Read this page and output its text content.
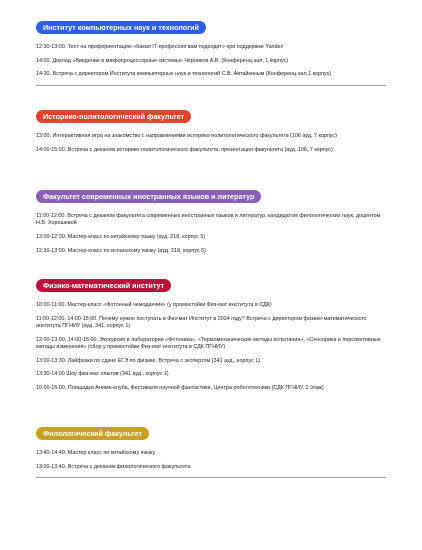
Институт компьютерных наук и технологий
12:30-13:00. Тест на профориентацию «Какая IT-профессия вам подходит» при поддержке Yandex
14:00. Доклад «Введение в микропроцессорные системы» Черников А.В. (Конференц-зал, 1 корпус)
14:30. Встреча с директором Института компьютерных наук и технологий С.В. Автайкиным (Конференц-зал,1 корпус)
Историко-политологический факультет
13:00. Интерактивная игра на знакомство с направлениями историко-политологического факультета (106 ауд, 7 корпус)
14:00-15:00. Встреча с деканом историко-политологического факультета, презентация факультета (ауд. 106, 7 корпус)
Факультет современных иностранных языков и литератур
11:00-12:00. Встреча с деканом факультета современных иностранных языков и литератур, кандидатом филологических наук, доцентом Н.В. Хорошевой
12:00-12:30. Мастер-класс по китайскому языку (ауд. 218, корпус 5)
12:30-13:00. Мастер-класс по испанскому языку (ауд. 218, корпус 5)
Физико-математический институт
10:00-11:00. Мастер-класс «Фотонный чемоданчик» (у промостойки Физ-мат института в СДК)
11:00-12:00, 14:00-15:00. Почему нужно поступать в Физ-мат Институт в 2024 году? Встреча с директором физико-математического института ПГНИУ (ауд. 341, корпус 1)
12:00-13:00, 14:00-15:00. Экскурсия в лаборатории «Фотоника», «Термомеханические методы испытания», «Сенсорика и перспективные методы измерения» (сбор у промостойки Физ-мат института в СДК ПГНИУ)
13:00-13:30. Лайфхаки по сдаче ЕГЭ по физике. Встреча с экспертом (341 ауд., корпус 1)
13:30-14:00 Шоу физ-мат опытов (341 ауд., корпус 1)
10:00-15:00. Площадки Аниме-клуба, Фестиваля научной фантастики, Центра робототехники (СДК ПГНИУ, 2 этаж)
Филологический факультет
13:40-14:40. Мастер класс по китайскому языку
13:00-13:40. Встреча с деканом филологического факультета
